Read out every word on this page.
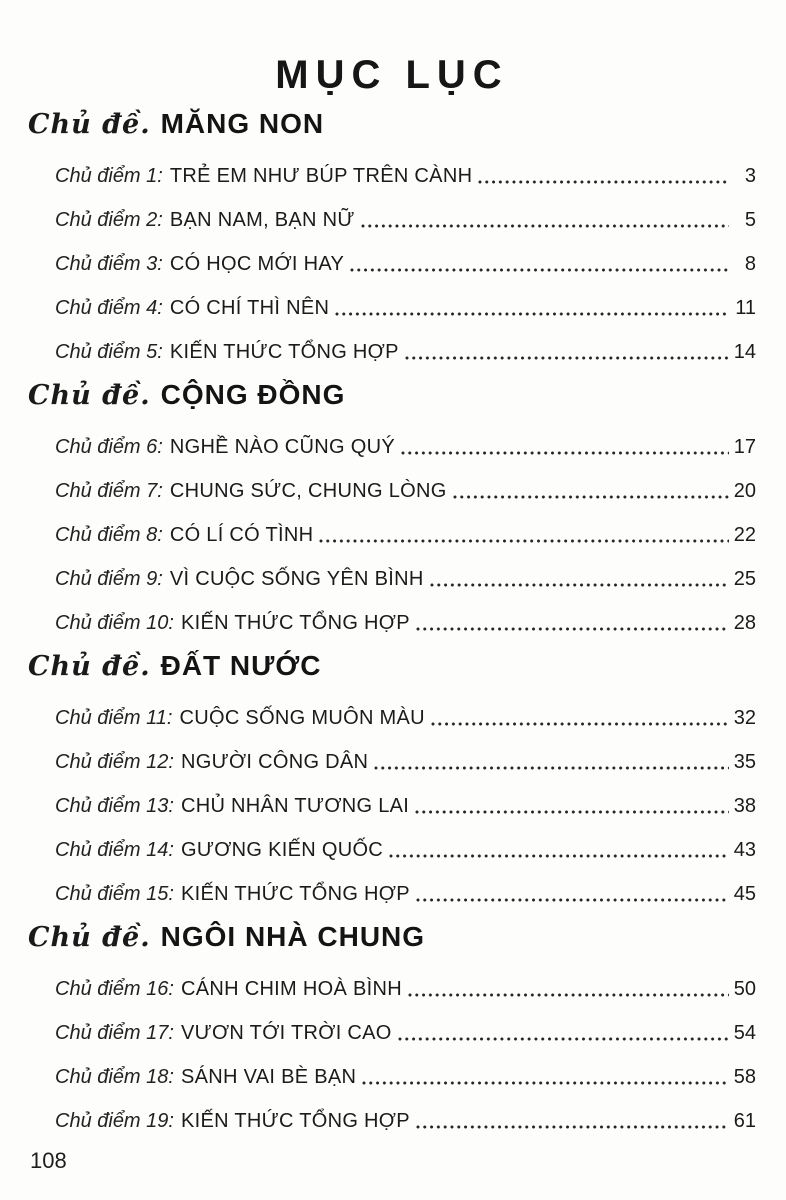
MỤC LỤC
Chủ đề. MĂNG NON
Chủ điểm 1: TRẺ EM NHƯ BÚP TRÊN CÀNH	3
Chủ điểm 2: BẠN NAM, BẠN NỮ	5
Chủ điểm 3: CÓ HỌC MỚI HAY	8
Chủ điểm 4: CÓ CHÍ THÌ NÊN	11
Chủ điểm 5: KIẾN THỨC TỔNG HỢP	14
Chủ đề. CỘNG ĐỒNG
Chủ điểm 6: NGHỀ NÀO CŨNG QUÝ	17
Chủ điểm 7: CHUNG SỨC, CHUNG LÒNG	20
Chủ điểm 8: CÓ LÍ CÓ TÌNH	22
Chủ điểm 9: VÌ CUỘC SỐNG YÊN BÌNH	25
Chủ điểm 10: KIẾN THỨC TỔNG HỢP	28
Chủ đề. ĐẤT NƯỚC
Chủ điểm 11: CUỘC SỐNG MUÔN MÀU	32
Chủ điểm 12: NGƯỜI CÔNG DÂN	35
Chủ điểm 13: CHỦ NHÂN TƯƠNG LAI	38
Chủ điểm 14: GƯƠNG KIẾN QUỐC	43
Chủ điểm 15: KIẾN THỨC TỔNG HỢP	45
Chủ đề. NGÔI NHÀ CHUNG
Chủ điểm 16: CÁNH CHIM HOÀ BÌNH	50
Chủ điểm 17: VƯƠN TỚI TRỜI CAO	54
Chủ điểm 18: SÁNH VAI BÈ BẠN	58
Chủ điểm 19: KIẾN THỨC TỔNG HỢP	61
108
